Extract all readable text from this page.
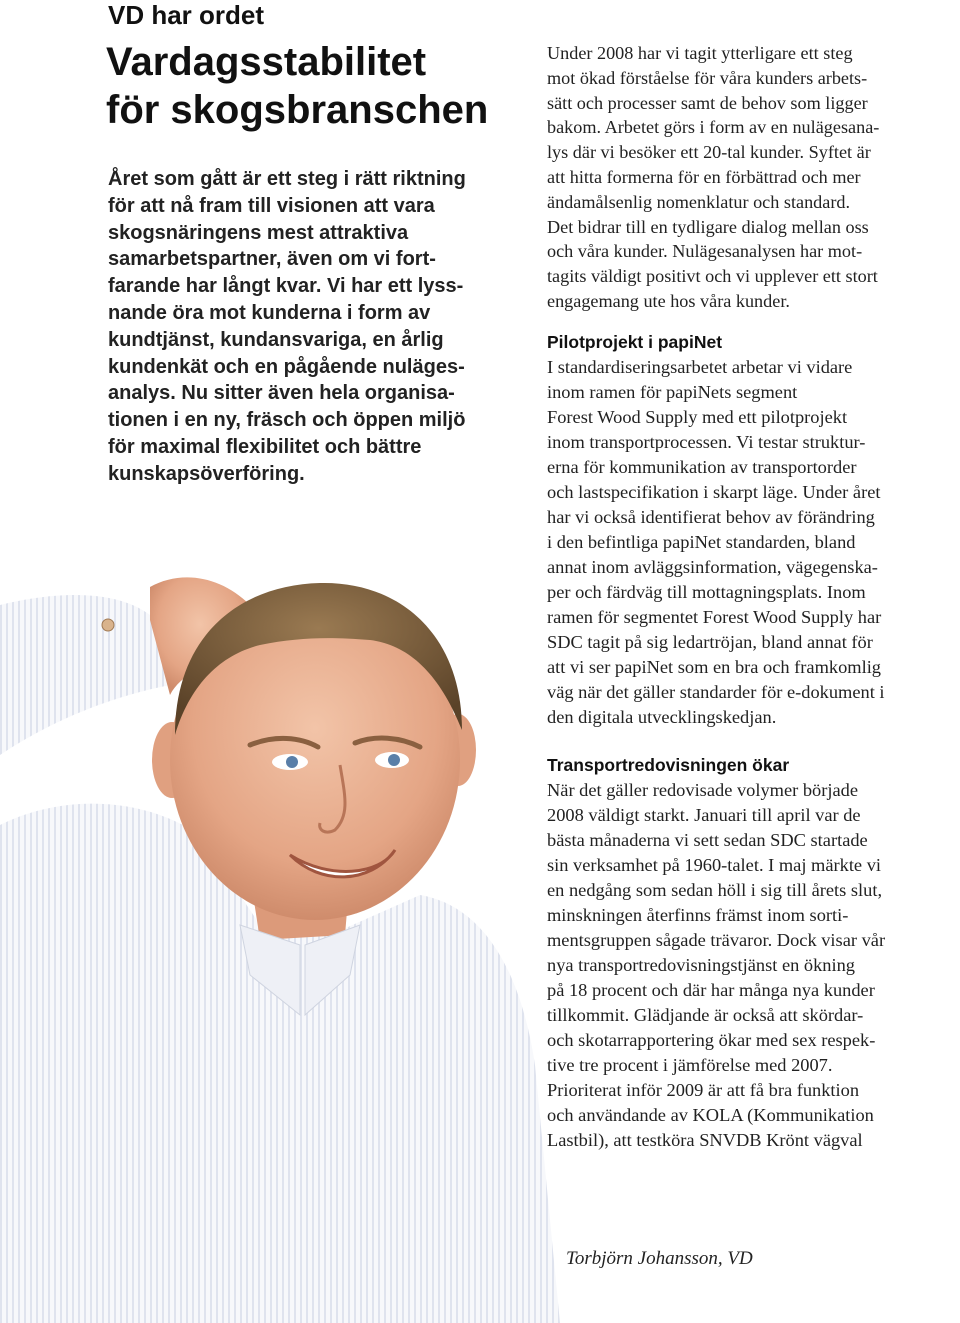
VD har ordet
Vardagsstabilitet
för skogsbranschen
Året som gått är ett steg i rätt riktning
för att nå fram till visionen att vara
skogsnäringens mest attraktiva
samarbetspartner, även om vi fort-
farande har långt kvar. Vi har ett lyss-
nande öra mot kunderna i form av
kundtjänst, kundansvariga, en årlig
kundenkät och en pågående nuläges-
analys. Nu sitter även hela organisa-
tionen i en ny, fräsch och öppen miljö
för maximal flexibilitet och bättre
kunskapsöverföring.
Under 2008 har vi tagit ytterligare ett steg
mot ökad förståelse för våra kunders arbets-
sätt och processer samt de behov som ligger
bakom. Arbetet görs i form av en nulägesana-
lys där vi besöker ett 20-tal kunder. Syftet är
att hitta formerna för en förbättrad och mer
ändamålsenlig nomenklatur och standard.
Det bidrar till en tydligare dialog mellan oss
och våra kunder. Nulägesanalysen har mot-
tagits väldigt positivt och vi upplever ett stort
engagemang ute hos våra kunder.
Pilotprojekt i papiNet
I standardiseringsarbetet arbetar vi vidare
inom ramen för papiNets segment
Forest Wood Supply med ett pilotprojekt
inom transportprocessen. Vi testar struktur-
erna för kommunikation av transportorder
och lastspecifikation i skarpt läge. Under året
har vi också identifierat behov av förändring
i den befintliga papiNet standarden, bland
annat inom avläggsinformation, vägegenska-
per och färdväg till mottagningsplats. Inom
ramen för segmentet Forest Wood Supply har
SDC tagit på sig ledartröjan, bland annat för
att vi ser papiNet som en bra och framkomlig
väg när det gäller standarder för e-dokument i
den digitala utvecklingskedjan.
Transportredovisningen ökar
När det gäller redovisade volymer började
2008 väldigt starkt. Januari till april var de
bästa månaderna vi sett sedan SDC startade
sin verksamhet på 1960-talet. I maj märkte vi
en nedgång som sedan höll i sig till årets slut,
minskningen återfinns främst inom sorti-
mentsgruppen sågade trävaror. Dock visar vår
nya transportredovisningstjänst en ökning
på 18 procent och där har många nya kunder
tillkommit. Glädjande är också att skördar-
och skotarrapportering ökar med sex respek-
tive tre procent i jämförelse med 2007.
Prioriterat inför 2009 är att få bra funktion
och användande av KOLA (Kommunikation
Lastbil), att testköra SNVDB Krönt vägval
Torbjörn Johansson, VD
